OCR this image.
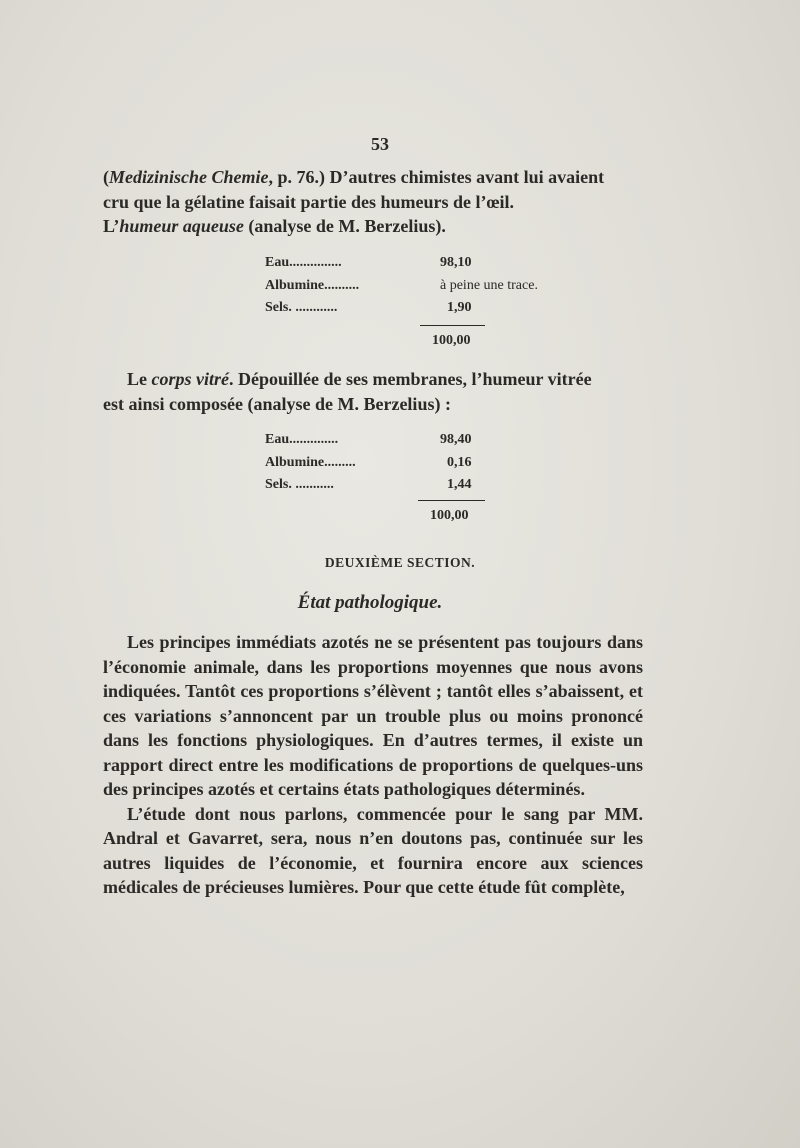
53

(Medizinische Chemie, p. 76.) D’autres chimistes avant lui avaient

cru que la gélatine faisait partie des humeurs de l’œil.

L’humeur aqueuse (analyse de M. Berzelius).

Eau...............	98,10
Albumine..........	à peine une trace.
Sels. ............	1,90
100,00

Le corps vitré. Dépouillée de ses membranes, l’humeur vitrée

est ainsi composée (analyse de M. Berzelius) :

Eau..............	98,40
Albumine.........	0,16
Sels. ...........	1,44
100,00
DEUXIÈME SECTION.
État pathologique.

Les principes immédiats azotés ne se présentent pas toujours dans l’économie animale, dans les proportions moyennes que nous avons indiquées. Tantôt ces proportions s’élèvent ; tantôt elles s’abaissent, et ces variations s’annoncent par un trouble plus ou moins prononcé dans les fonctions physiologiques. En d’autres termes, il existe un rapport direct entre les modifications de proportions de quelques-uns des principes azotés et certains états pathologiques déterminés.

L’étude dont nous parlons, commencée pour le sang par MM. Andral et Gavarret, sera, nous n’en doutons pas, continuée sur les autres liquides de l’économie, et fournira encore aux sciences médicales de précieuses lumières. Pour que cette étude fût complète,
